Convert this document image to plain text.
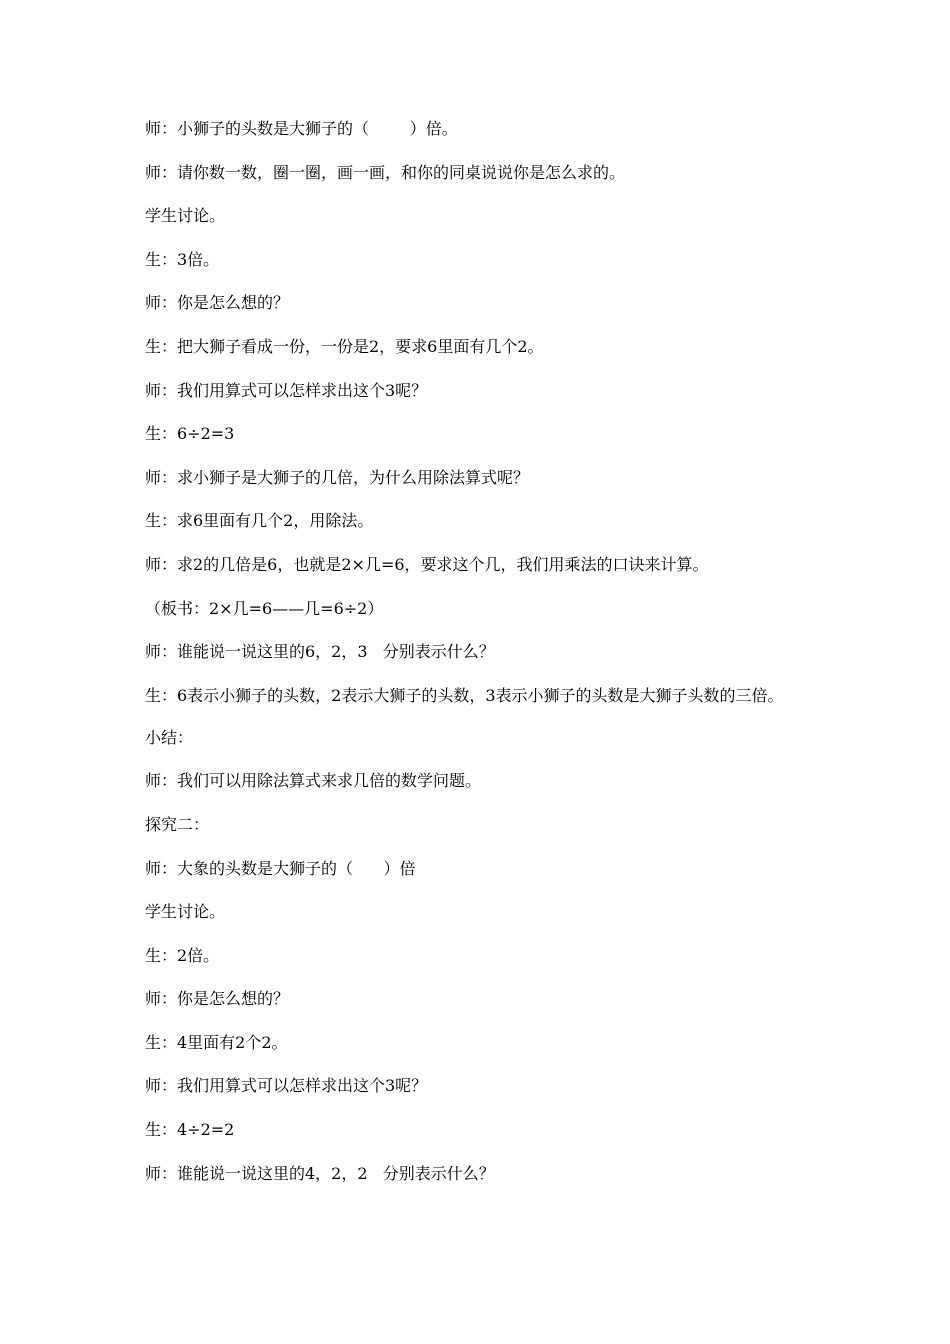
师：小狮子的头数是大狮子的（        ）倍。

师：请你数一数，圈一圈，画一画，和你的同桌说说你是怎么求的。

学生讨论。

生：3倍。

师：你是怎么想的？

生：把大狮子看成一份，一份是2，要求6里面有几个2。

师：我们用算式可以怎样求出这个3呢？

生：6÷2=3

师：求小狮子是大狮子的几倍，为什么用除法算式呢？

生：求6里面有几个2，用除法。

师：求2的几倍是6，也就是2×几=6，要求这个几，我们用乘法的口诀来计算。

（板书：2×几=6——几=6÷2）

师：谁能说一说这里的6，2，3   分别表示什么？

生：6表示小狮子的头数，2表示大狮子的头数，3表示小狮子的头数是大狮子头数的三倍。

小结：

师：我们可以用除法算式来求几倍的数学问题。

探究二：

师：大象的头数是大狮子的（      ）倍

学生讨论。

生：2倍。

师：你是怎么想的？

生：4里面有2个2。

师：我们用算式可以怎样求出这个3呢？

生：4÷2=2

师：谁能说一说这里的4，2，2   分别表示什么？
